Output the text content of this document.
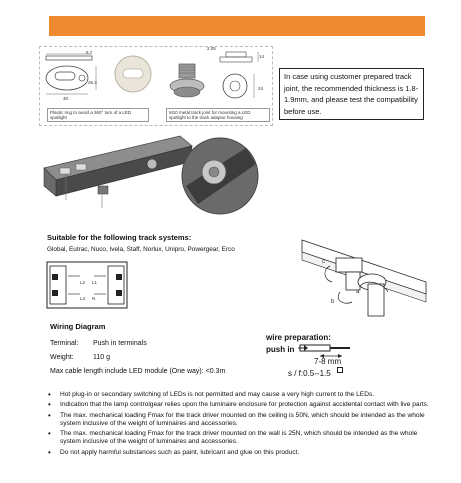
5.7
25.3
30
Plastic ring to avoid a 360° turn of a LED spotlight
2.05
14
24
M10 metal track joint for mounting a LED spotlight to the track adaptor housing
In case using customer prepared track joint, the recommended thickness is 1.8-1.9mm, and please test the compatibility before use.
Suitable for the following track systems:
Global, Eutrac, Nuco, Ivela, Staff, Norlux, Unipro, Powergear, Erco
L2
L3
L1
N
c
b
a
Wiring Diagram
Terminal: Push in terminals
Weight:	110 g
Max cable length include LED module (One way): <0.3m
wire preparation:
push in
7-8 mm
s / f:0.5--1.5
• Hot plug-in or secondary switching of LEDs is not permitted and may cause a very high current to the LEDs.
• Indication that the lamp controlgear relies upon the luminaire enclosure for protection against accidental contact with live parts.
• The max. mechanical loading Fmax for the track driver mounted on the ceiling is 50N, which should be intended as the whole system inclusive of the weight of luminaires and accessories.
• The max. mechanical loading Fmax for the track driver mounted on the wall is 25N, which should be intended as the whole system inclusive of the weight of luminaires and accessories.
• Do not apply harmful substances such as paint, lubricant and glue on this product.
